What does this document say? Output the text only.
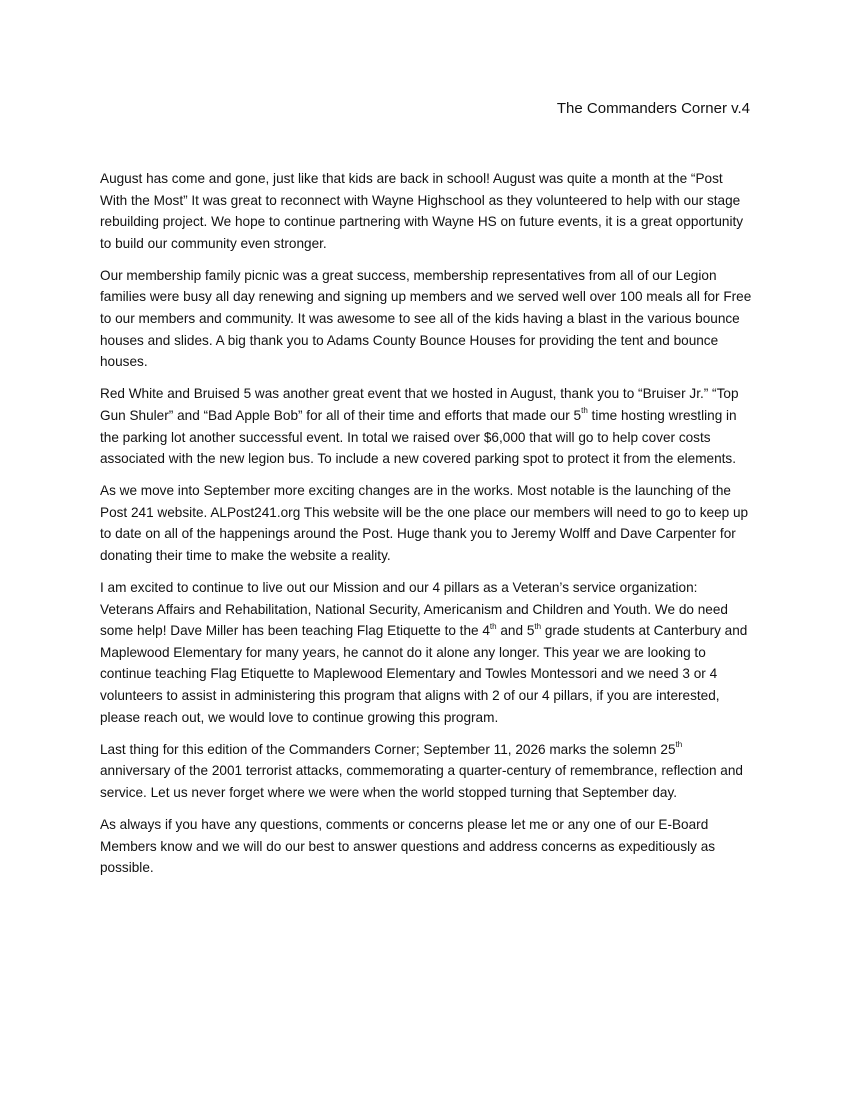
The Commanders Corner v.4

August has come and gone, just like that kids are back in school! August was quite a month at the “Post With the Most” It was great to reconnect with Wayne Highschool as they volunteered to help with our stage rebuilding project. We hope to continue partnering with Wayne HS on future events, it is a great opportunity to build our community even stronger.

Our membership family picnic was a great success, membership representatives from all of our Legion families were busy all day renewing and signing up members and we served well over 100 meals all for Free to our members and community. It was awesome to see all of the kids having a blast in the various bounce houses and slides. A big thank you to Adams County Bounce Houses for providing the tent and bounce houses.

Red White and Bruised 5 was another great event that we hosted in August, thank you to “Bruiser Jr.” “Top Gun Shuler” and “Bad Apple Bob” for all of their time and efforts that made our 5th time hosting wrestling in the parking lot another successful event. In total we raised over $6,000 that will go to help cover costs associated with the new legion bus. To include a new covered parking spot to protect it from the elements.

As we move into September more exciting changes are in the works. Most notable is the launching of the Post 241 website. ALPost241.org This website will be the one place our members will need to go to keep up to date on all of the happenings around the Post. Huge thank you to Jeremy Wolff and Dave Carpenter for donating their time to make the website a reality.

I am excited to continue to live out our Mission and our 4 pillars as a Veteran’s service organization: Veterans Affairs and Rehabilitation, National Security, Americanism and Children and Youth. We do need some help! Dave Miller has been teaching Flag Etiquette to the 4th and 5th grade students at Canterbury and Maplewood Elementary for many years, he cannot do it alone any longer. This year we are looking to continue teaching Flag Etiquette to Maplewood Elementary and Towles Montessori and we need 3 or 4 volunteers to assist in administering this program that aligns with 2 of our 4 pillars, if you are interested, please reach out, we would love to continue growing this program.

Last thing for this edition of the Commanders Corner; September 11, 2026 marks the solemn 25th anniversary of the 2001 terrorist attacks, commemorating a quarter-century of remembrance, reflection and service. Let us never forget where we were when the world stopped turning that September day.

As always if you have any questions, comments or concerns please let me or any one of our E-Board Members know and we will do our best to answer questions and address concerns as expeditiously as possible.
